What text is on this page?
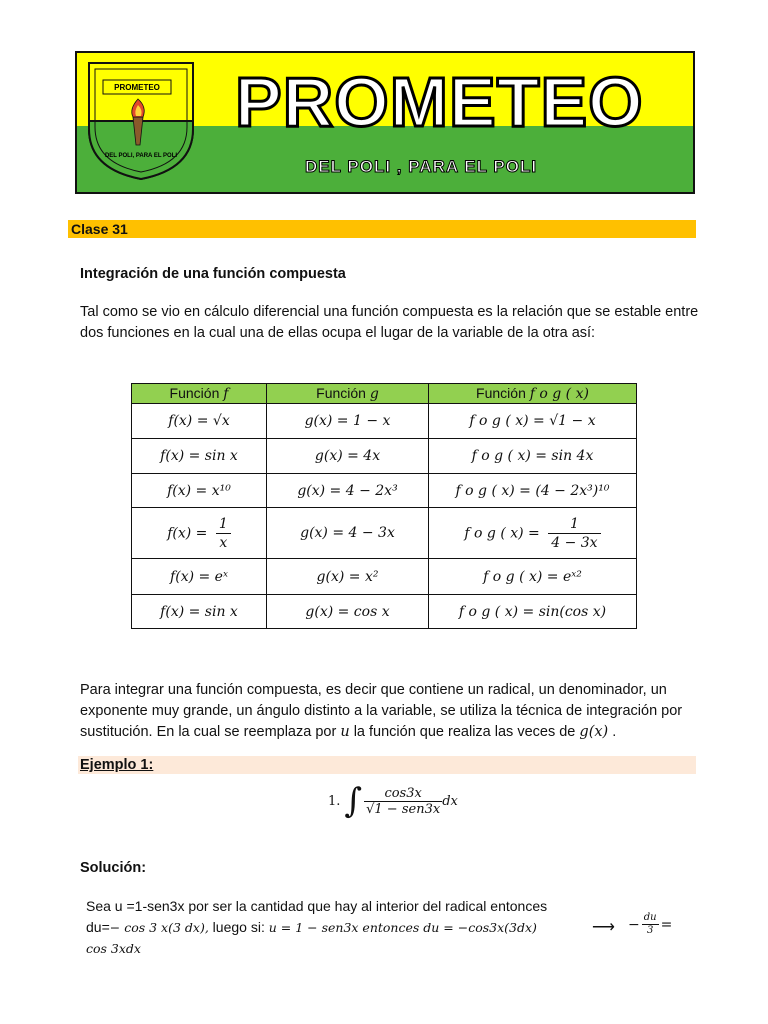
PROMETEO
DEL POLI, PARA EL POLI
PROMETEO
DEL POLI , PARA EL POLI
Clase 31
Integración de una función compuesta
Tal como se vio en cálculo diferencial una función compuesta es la relación que se estable entre dos funciones en la cual una de ellas ocupa el lugar de la variable de la otra así:
Función f	Función g	Función f o g ( x)
f(x) = √x	g(x) = 1 − x	f o g ( x) = √1 − x
f(x) = sin x	g(x) = 4x	f o g ( x) = sin 4x
f(x) = x¹⁰	g(x) = 4 − 2x³	f o g ( x) = (4 − 2x³)¹⁰
$f(x) = \frac{1}{x}$	g(x) = 4 − 3x	f o g ( $x) = \frac{1}{4 - 3x}$

f(x) = eˣ	g(x) = x²	f o g ( x) = eˣ²
f(x) = sin x	g(x) = cos x	f o g ( x) = sin(cos x)
Para integrar una función compuesta, es decir que contiene un radical, un denominador, un exponente muy grande, un ángulo distinto a la variable, se utiliza la técnica de integración por sustitución. En la cual se reemplaza por u la función que realiza las veces de g(x) .
Ejemplo 1:
1. ∫ $\frac{\cos 3x}{\text{√1 − sen3x}}$ dx
Solución:
Sea u =1-sen3x por ser la cantidad que hay al interior del radical entonces
du=− cos 3 x(3 dx), luego si: u = 1 − sen3x entonces du = −cos3x(3dx)
cos 3xdx
⟶ − $\frac{du}{3}$ =
